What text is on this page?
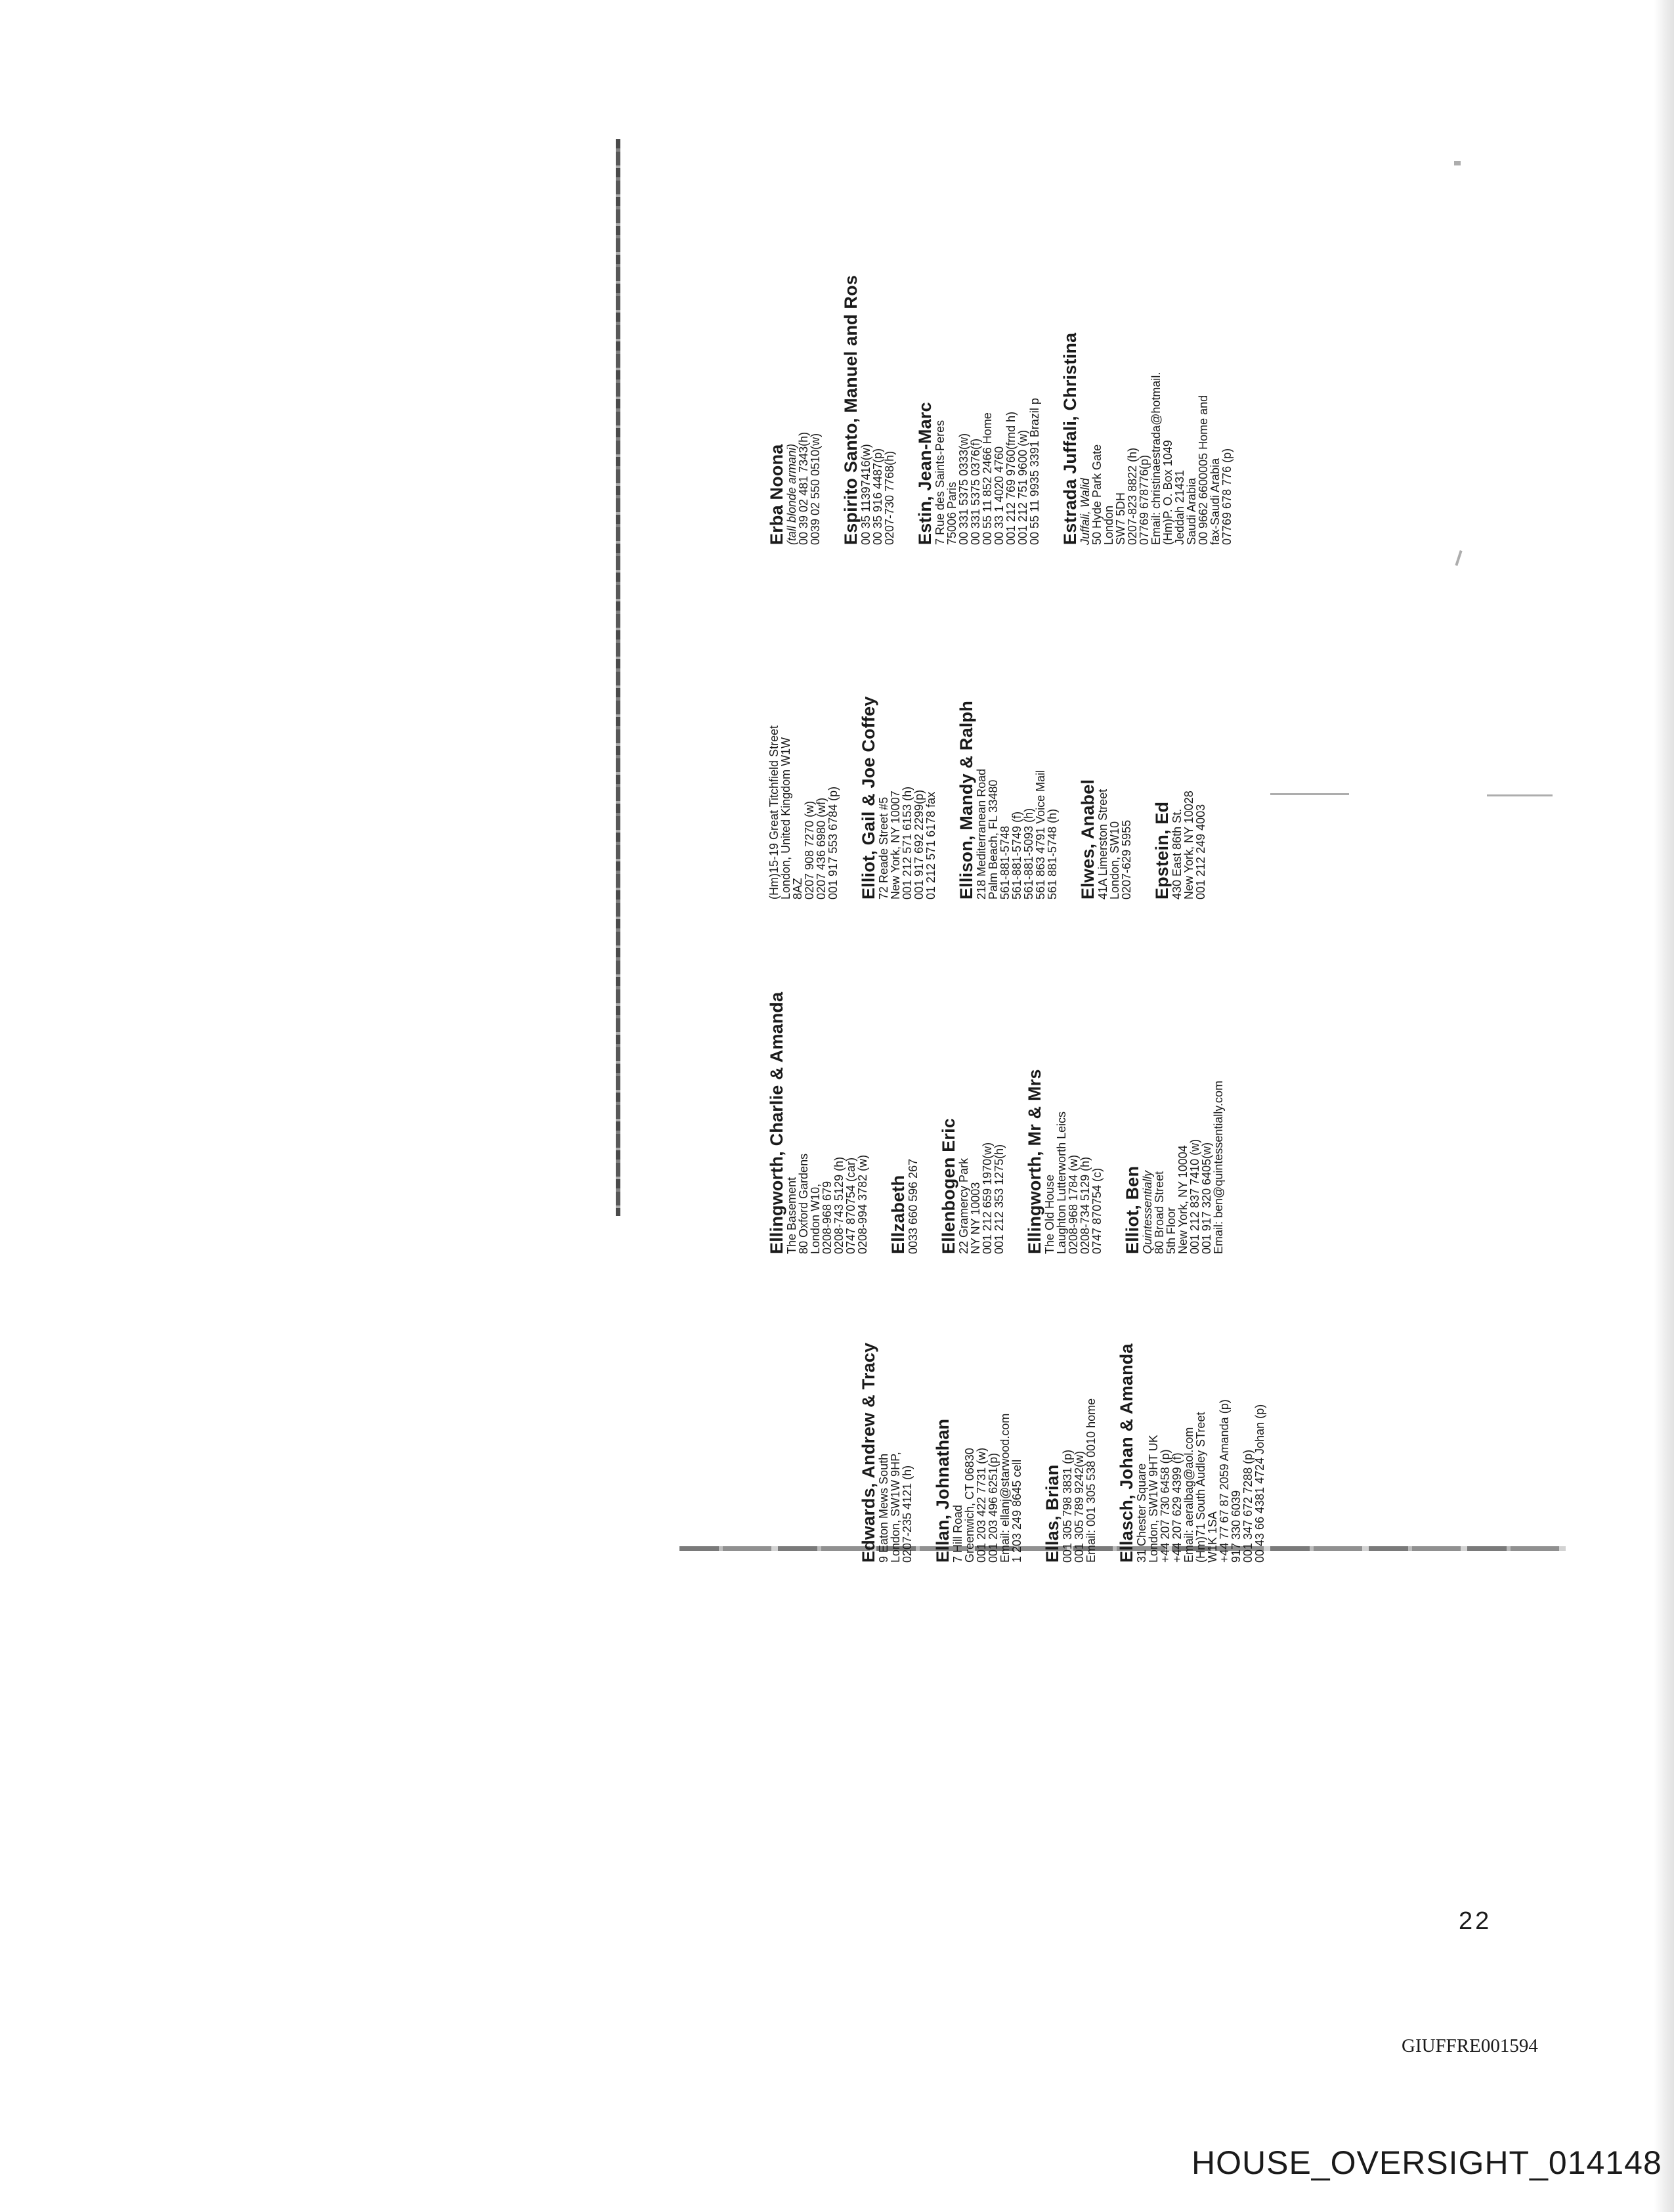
Edwards, Andrew & Tracy
9 Eaton Mews South
London, SW1W 9HP,
0207-235 4121 (h) Ellan, Johnathan
7 Hill Road
Greenwich, CT 06830
001 203 422 7731 (w)
001 203 496 6251(p)
Email: ellanj@starwood.com
1 203 249 8645 cell Ellas, Brian
001 305 798 3831 (p)
001 305 789 9242(w)
Email: 001 305 538 0010 home Ellasch, Johan & Amanda
31 Chester Square
London, SW1W 9HT UK
+44 207 730 6458 (p)
+44 207 629 4399 (f)
Email: aeralbag@aol.com
(Hm)71 South Audley STreet
W1K 1SA
+44 77 67 87 2059 Amanda (p)
917 330 6039
001 347 672 7288 (p)
00 43 66 4381 4724 Johan (p)
Ellingworth, Charlie & Amanda
The Basement
80 Oxford Gardens
London W10,
0208-968 679
0208-743 5129 (h)
0747 870754 (car)
0208-994 3782 (w) Ellzabeth
0033 660 596 267 Ellenbogen Eric
22 Gramercy Park
NY NY 10003
001 212 659 1970(w)
001 212 353 1275(h) Ellingworth, Mr & Mrs
The Old House
Laughton Lutterworth Leics
0208-968 1784 (w)
0208-734 5129 (h)
0747 870754 (c) Elliot, Ben
Quintessentially
80 Broad Street
5th Floor
New York, NY 10004
001 212 837 7410 (w)
001 917 320 6405(w)
Email: ben@quintessentially.com
(Hm)15-19 Great Titchfield Street
London, United Kingdom W1W
8AZ
0207 908 7270 (w)
0207 436 6980 (wf)
001 917 553 6784 (p) Elliot, Gail & Joe Coffey
72 Reade Street #5
New York, NY 10007
001 212 571 6153 (h)
001 917 692 2299(p)
01 212 571 6178 fax Ellison, Mandy & Ralph
218 Mediterranean Road
Palm Beach, FL 33480
561-881-5748
561-881-5749 (f)
561-881-5093 (h)
561 863 4791 Voice Mail
561 881-5748 (h) Elwes, Anabel
41A Limerston Street
London, SW10
0207-629 5955 Epstein, Ed
430 East 86th St.
New York, NY 10028
001 212 249 4003
Erba Noona
(tall blonde armani)
00 39 02 481 7343(h)
0039 02 550 0510(w) Espirito Santo, Manuel and Ros
00 35 11397416(w)
00 35 916 4487(p)
0207-730 7768(h) Estin, Jean-Marc
7 Rue des Saints-Peres
75006 Paris
00 331 5375 0333(w)
00 331 5375 0376(f)
00 55 11 852 2466 Home
00 33 1 4020 4760
001 212 769 9760(frnd h)
001 212 751 9600 (w)
00 55 11 9935 3391 Brazil p Estrada Juffali, Christina
Juffali, Walid
50 Hyde Park Gate
London
SW7 5DH
0207-823 8822 (h)
07769 678776(p)
Email: christinaestrada@hotmail.
(Hm)P. O. Box 1049
Jeddah 21431
Saudi Arabia
00 9662 6600005 Home and
fax-Saudi Arabia
07769 678 776 (p)
22
GIUFFRE001594
HOUSE_OVERSIGHT_014148
